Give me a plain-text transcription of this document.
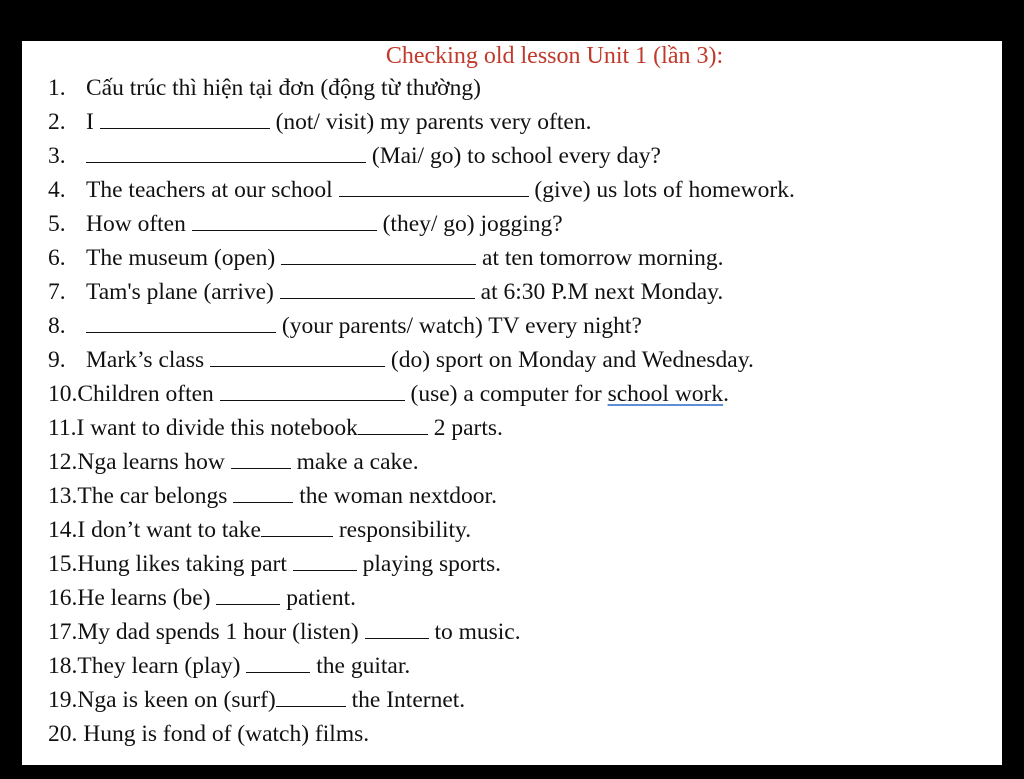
Checking old lesson Unit 1 (lần 3):
1. Cấu trúc thì hiện tại đơn (động từ thường)
2. I	(not/ visit) my parents very often.
3.	(Mai/ go) to school every day?
4. The teachers at our school	(give) us lots of homework.
5. How often	(they/ go) jogging?
6. The museum (open)	at ten tomorrow morning.
7. Tam's plane (arrive)	at 6:30 P.M next Monday.
8.	(your parents/ watch) TV every night?
9. Mark’s class	(do) sport on Monday and Wednesday.
10.Children often	(use) a computer for school work.
11.I want to divide this notebook	2 parts.
12.Nga learns how	make a cake.
13.The car belongs	the woman nextdoor.
14.I don’t want to take	responsibility.
15.Hung likes taking part	playing sports.
16.He learns (be)	patient.
17.My dad spends 1 hour (listen)	to music.
18.They learn (play)	the guitar.
19.Nga is keen on (surf)	the Internet.
20. Hung is fond of (watch) films.
